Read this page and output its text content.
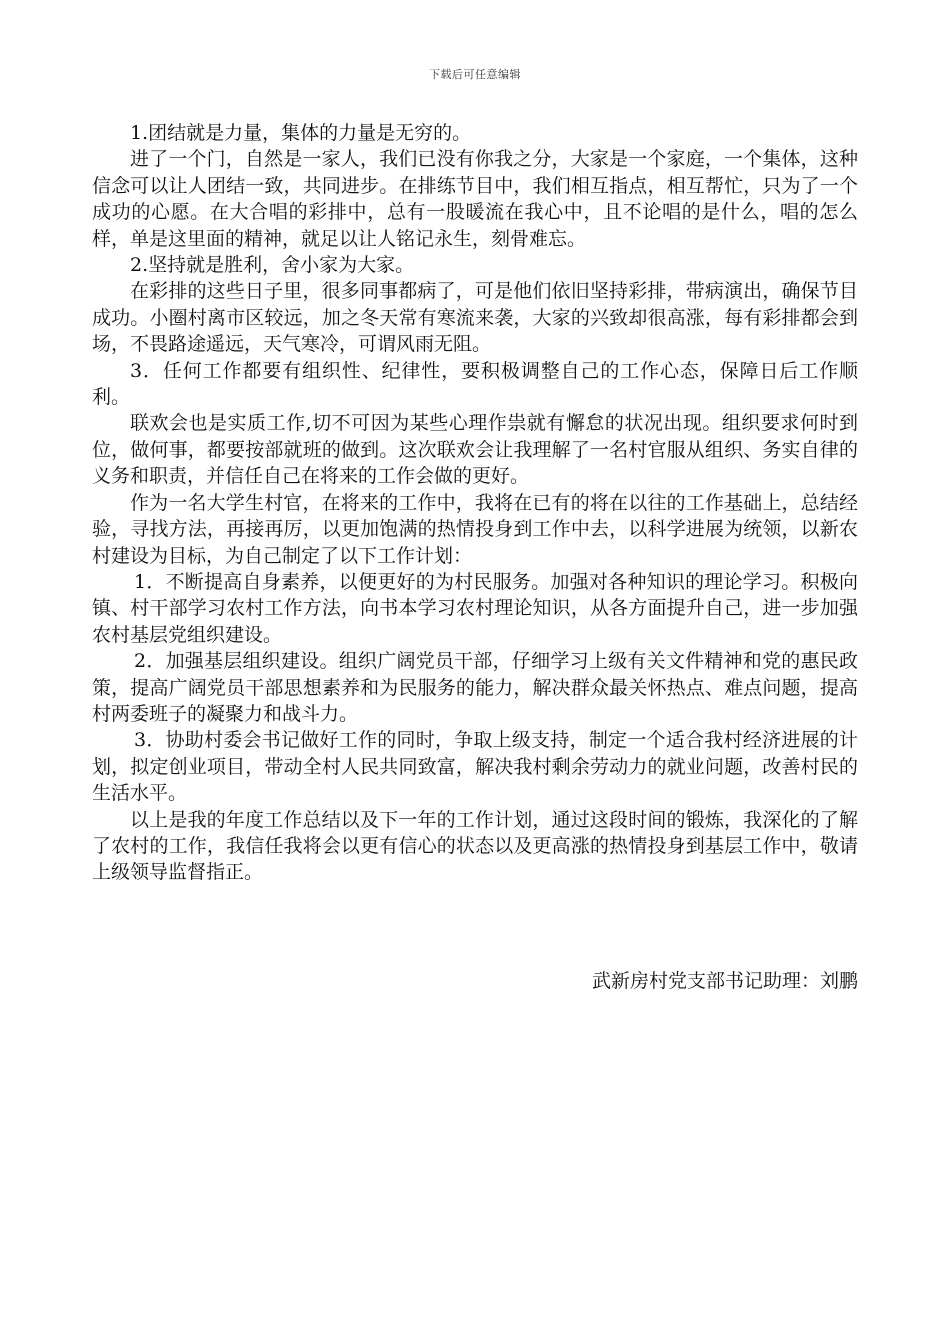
下载后可任意编辑

1.团结就是力量，集体的力量是无穷的。

进了一个门，自然是一家人，我们已没有你我之分，大家是一个家庭，一个集体，这种信念可以让人团结一致，共同进步。在排练节目中，我们相互指点，相互帮忙，只为了一个成功的心愿。在大合唱的彩排中，总有一股暖流在我心中，且不论唱的是什么，唱的怎么样，单是这里面的精神，就足以让人铭记永生，刻骨难忘。

2.坚持就是胜利，舍小家为大家。

在彩排的这些日子里，很多同事都病了，可是他们依旧坚持彩排，带病演出，确保节目成功。小圈村离市区较远，加之冬天常有寒流来袭，大家的兴致却很高涨，每有彩排都会到场，不畏路途遥远，天气寒冷，可谓风雨无阻。

3．任何工作都要有组织性、纪律性，要积极调整自己的工作心态，保障日后工作顺利。

联欢会也是实质工作,切不可因为某些心理作祟就有懈怠的状况出现。组织要求何时到位，做何事，都要按部就班的做到。这次联欢会让我理解了一名村官服从组织、务实自律的义务和职责，并信任自己在将来的工作会做的更好。

作为一名大学生村官，在将来的工作中，我将在已有的将在以往的工作基础上，总结经验，寻找方法，再接再厉，以更加饱满的热情投身到工作中去，以科学进展为统领，以新农村建设为目标，为自己制定了以下工作计划：

1．不断提高自身素养，以便更好的为村民服务。加强对各种知识的理论学习。积极向镇、村干部学习农村工作方法，向书本学习农村理论知识，从各方面提升自己，进一步加强农村基层党组织建设。

2．加强基层组织建设。组织广阔党员干部，仔细学习上级有关文件精神和党的惠民政策，提高广阔党员干部思想素养和为民服务的能力，解决群众最关怀热点、难点问题，提高村两委班子的凝聚力和战斗力。

3．协助村委会书记做好工作的同时，争取上级支持，制定一个适合我村经济进展的计划，拟定创业项目，带动全村人民共同致富，解决我村剩余劳动力的就业问题，改善村民的生活水平。

以上是我的年度工作总结以及下一年的工作计划，通过这段时间的锻炼，我深化的了解了农村的工作，我信任我将会以更有信心的状态以及更高涨的热情投身到基层工作中，敬请上级领导监督指正。

武新房村党支部书记助理：刘鹏
